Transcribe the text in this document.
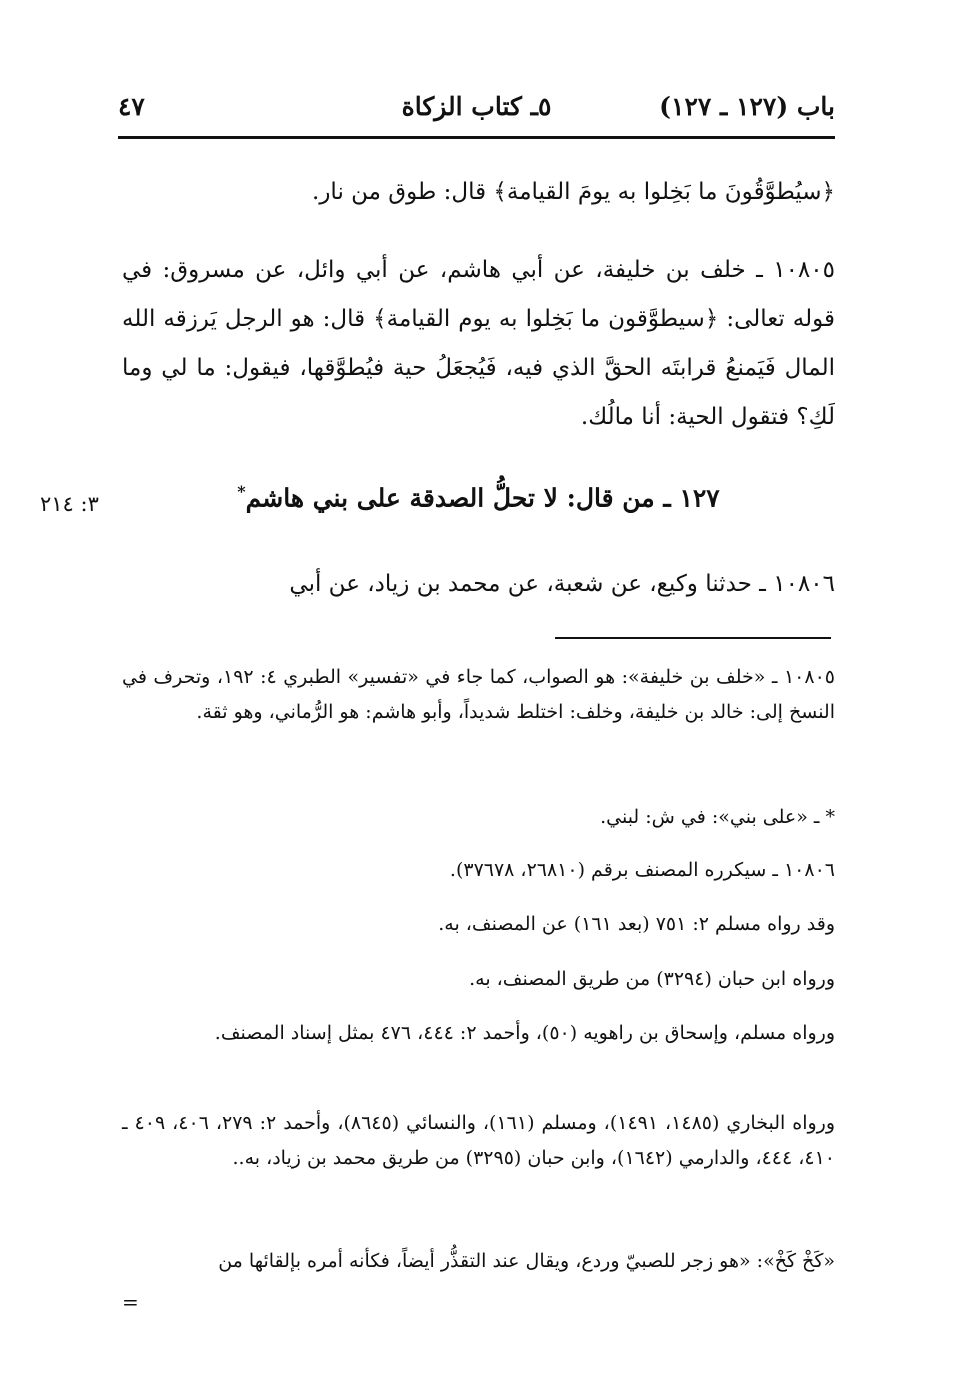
باب (١٢٧ ـ ١٢٧)
٥ـ كتاب الزكاة
٤٧

﴿سيُطوَّقُونَ ما بَخِلوا به يومَ القيامة﴾ قال: طوق من نار.

١٠٨٠٥ ـ خلف بن خليفة، عن أبي هاشم، عن أبي وائل، عن مسروق: في قوله تعالى: ﴿سيطوَّقون ما بَخِلوا به يوم القيامة﴾ قال: هو الرجل يَرزقه الله المال فَيَمنعُ قرابتَه الحقَّ الذي فيه، فَيُجعَلُ حية فيُطوَّقها، فيقول: ما لي وما لَكِ؟ فتقول الحية: أنا مالُك.

١٢٧ ـ من قال: لا تحلُّ الصدقة على بني هاشم*
٣: ٢١٤

١٠٨٠٦ ـ حدثنا وكيع، عن شعبة، عن محمد بن زياد، عن أبي

١٠٨٠٥ ـ «خلف بن خليفة»: هو الصواب، كما جاء في «تفسير» الطبري ٤: ١٩٢، وتحرف في النسخ إلى: خالد بن خليفة، وخلف: اختلط شديداً، وأبو هاشم: هو الرُّماني، وهو ثقة.

* ـ «على بني»: في ش: لبني.

١٠٨٠٦ ـ سيكرره المصنف برقم (٢٦٨١٠، ٣٧٦٧٨).

وقد رواه مسلم ٢: ٧٥١ (بعد ١٦١) عن المصنف، به.

ورواه ابن حبان (٣٢٩٤) من طريق المصنف، به.

ورواه مسلم، وإسحاق بن راهويه (٥٠)، وأحمد ٢: ٤٤٤، ٤٧٦ بمثل إسناد المصنف.

ورواه البخاري (١٤٨٥، ١٤٩١)، ومسلم (١٦١)، والنسائي (٨٦٤٥)، وأحمد ٢: ٢٧٩، ٤٠٦، ٤٠٩ ـ ٤١٠، ٤٤٤، والدارمي (١٦٤٢)، وابن حبان (٣٢٩٥) من طريق محمد بن زياد، به..

«كَخْ كَخْ»: «هو زجر للصبيّ وردع، ويقال عند التقذُّر أيضاً، فكأنه أمره بإلقائها من

=
